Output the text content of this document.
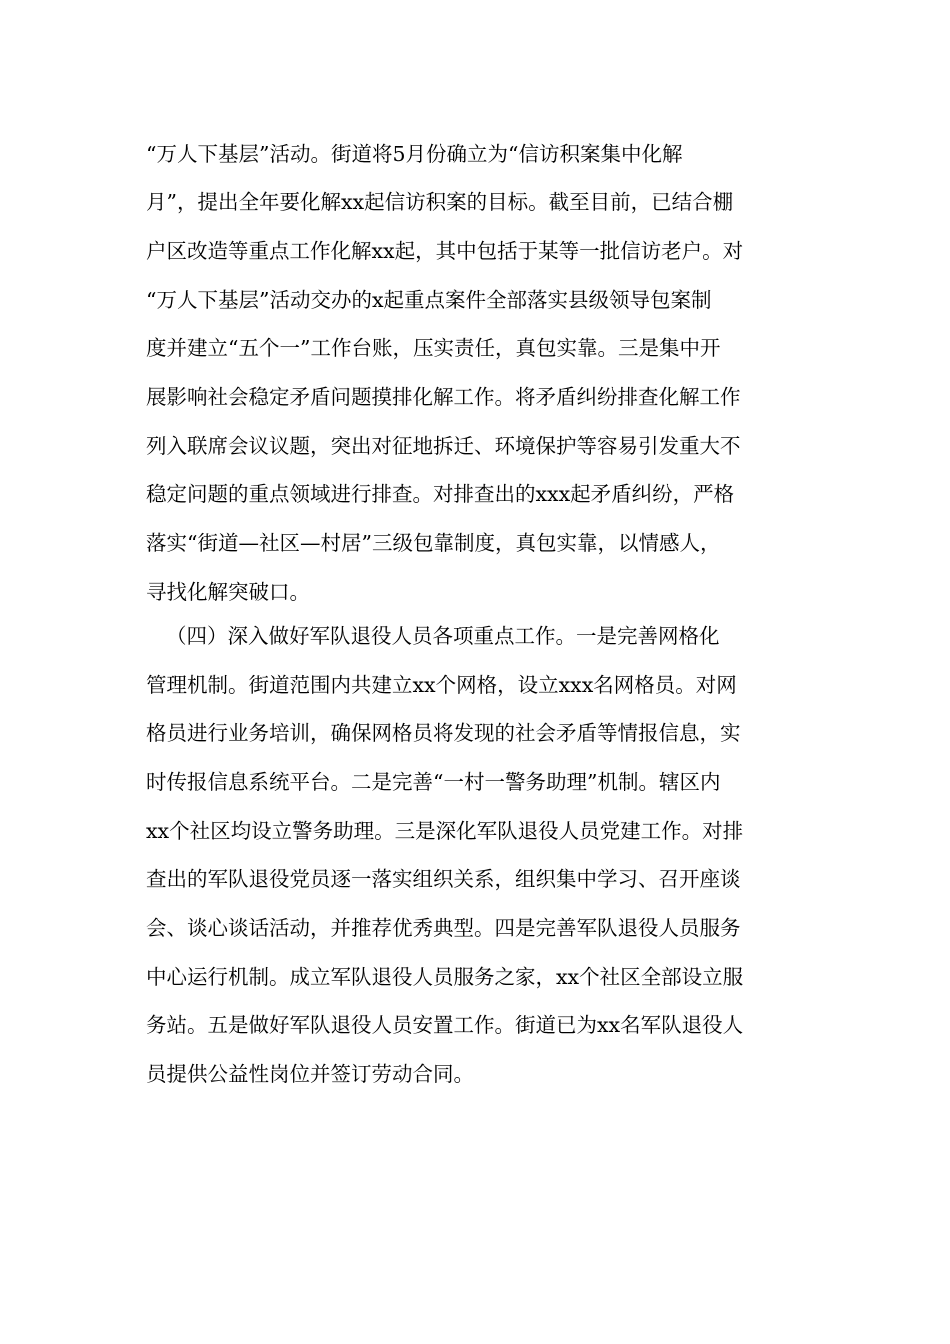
“万人下基层”活动。街道将5月份确立为“信访积案集中化解
月”，提出全年要化解xx起信访积案的目标。截至目前，已结合棚
户区改造等重点工作化解xx起，其中包括于某等一批信访老户。对
“万人下基层”活动交办的x起重点案件全部落实县级领导包案制
度并建立“五个一”工作台账，压实责任，真包实靠。三是集中开
展影响社会稳定矛盾问题摸排化解工作。将矛盾纠纷排查化解工作
列入联席会议议题，突出对征地拆迁、环境保护等容易引发重大不
稳定问题的重点领域进行排查。对排查出的xxx起矛盾纠纷，严格
落实“街道—社区—村居”三级包靠制度，真包实靠，以情感人，
寻找化解突破口。
（四）深入做好军队退役人员各项重点工作。一是完善网格化
管理机制。街道范围内共建立xx个网格，设立xxx名网格员。对网
格员进行业务培训，确保网格员将发现的社会矛盾等情报信息，实
时传报信息系统平台。二是完善“一村一警务助理”机制。辖区内
xx个社区均设立警务助理。三是深化军队退役人员党建工作。对排
查出的军队退役党员逐一落实组织关系，组织集中学习、召开座谈
会、谈心谈话活动，并推荐优秀典型。四是完善军队退役人员服务
中心运行机制。成立军队退役人员服务之家，xx个社区全部设立服
务站。五是做好军队退役人员安置工作。街道已为xx名军队退役人
员提供公益性岗位并签订劳动合同。
